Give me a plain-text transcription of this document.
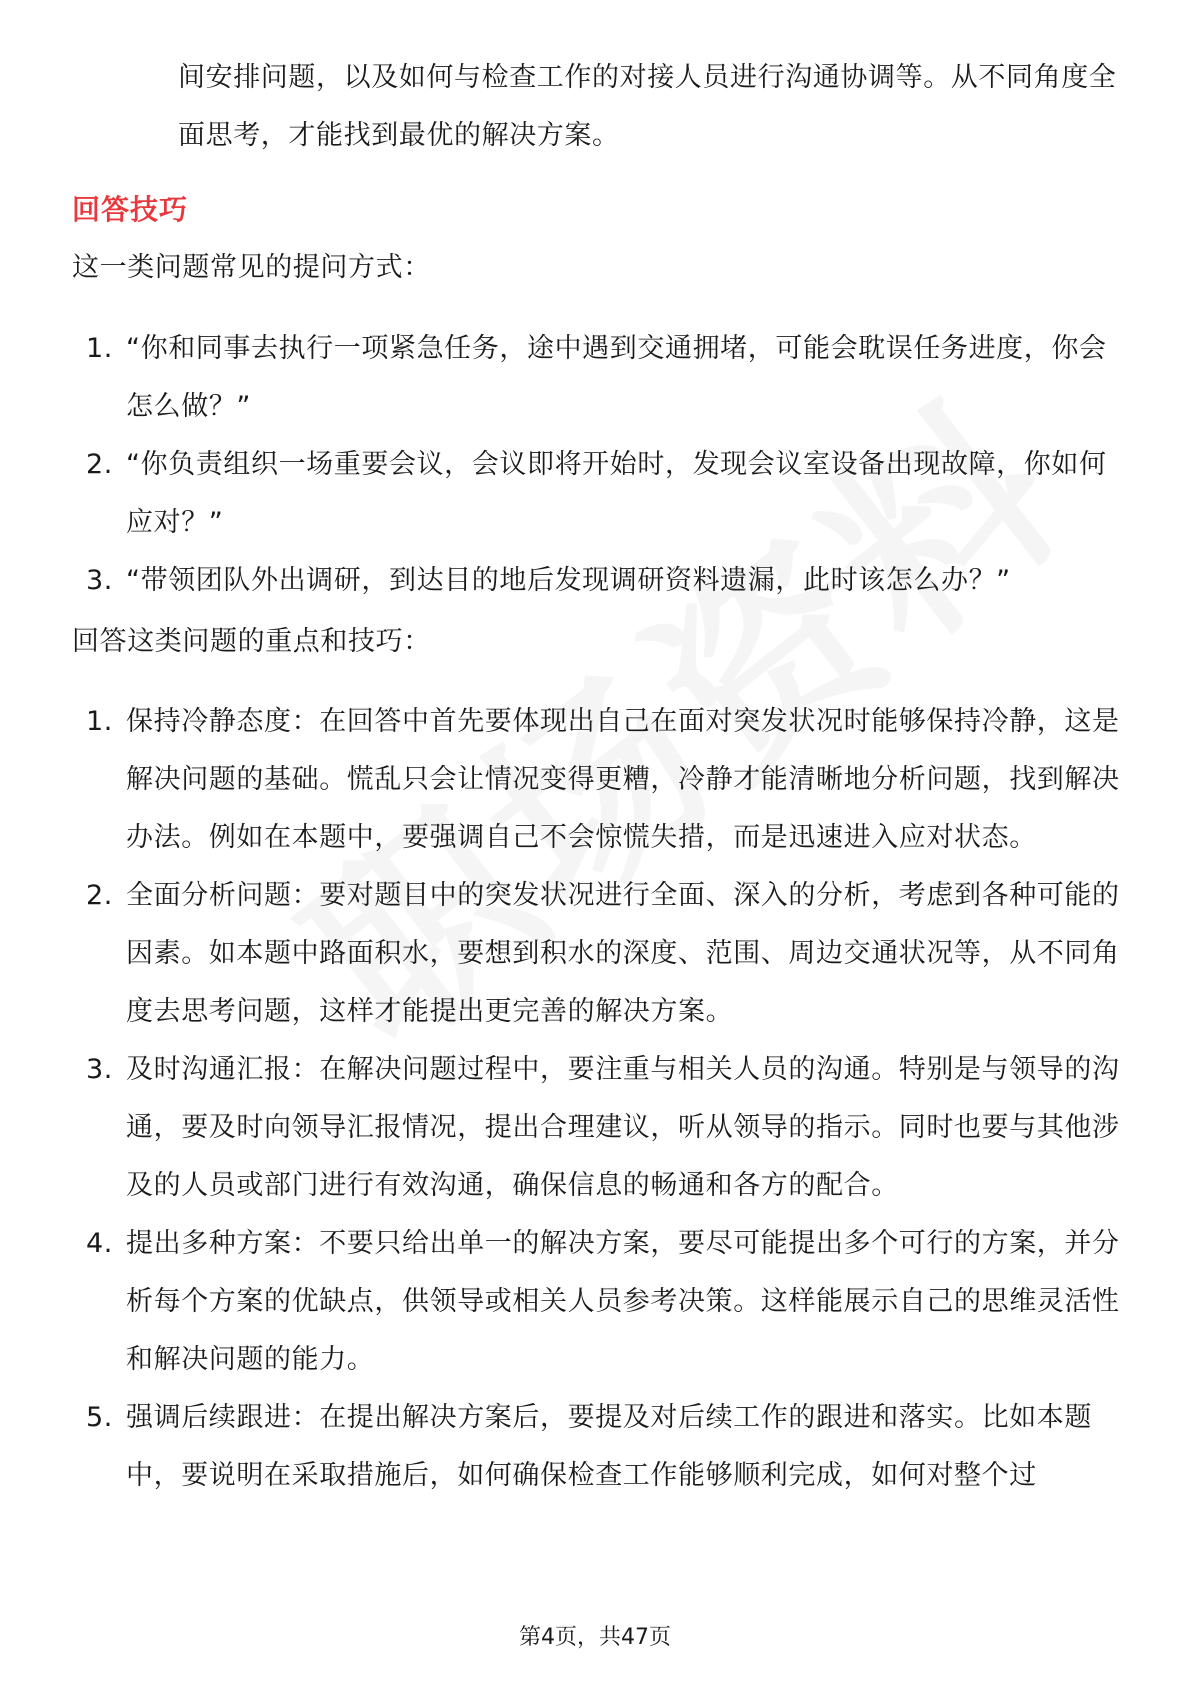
间安排问题，以及如何与检查工作的对接人员进行沟通协调等。从不同角度全面思考，才能找到最优的解决方案。
回答技巧
这一类问题常见的提问方式：
1. “你和同事去执行一项紧急任务，途中遇到交通拥堵，可能会耽误任务进度，你会怎么做？”
2. “你负责组织一场重要会议，会议即将开始时，发现会议室设备出现故障，你如何应对？”
3. “带领团队外出调研，到达目的地后发现调研资料遗漏，此时该怎么办？”
回答这类问题的重点和技巧：
1. 保持冷静态度：在回答中首先要体现出自己在面对突发状况时能够保持冷静，这是解决问题的基础。慌乱只会让情况变得更糟，冷静才能清晰地分析问题，找到解决办法。例如在本题中，要强调自己不会惊慌失措，而是迅速进入应对状态。
2. 全面分析问题：要对题目中的突发状况进行全面、深入的分析，考虑到各种可能的因素。如本题中路面积水，要想到积水的深度、范围、周边交通状况等，从不同角度去思考问题，这样才能提出更完善的解决方案。
3. 及时沟通汇报：在解决问题过程中，要注重与相关人员的沟通。特别是与领导的沟通，要及时向领导汇报情况，提出合理建议，听从领导的指示。同时也要与其他涉及的人员或部门进行有效沟通，确保信息的畅通和各方的配合。
4. 提出多种方案：不要只给出单一的解决方案，要尽可能提出多个可行的方案，并分析每个方案的优缺点，供领导或相关人员参考决策。这样能展示自己的思维灵活性和解决问题的能力。
5. 强调后续跟进：在提出解决方案后，要提及对后续工作的跟进和落实。比如本题中，要说明在采取措施后，如何确保检查工作能够顺利完成，如何对整个过
第4页，共47页
